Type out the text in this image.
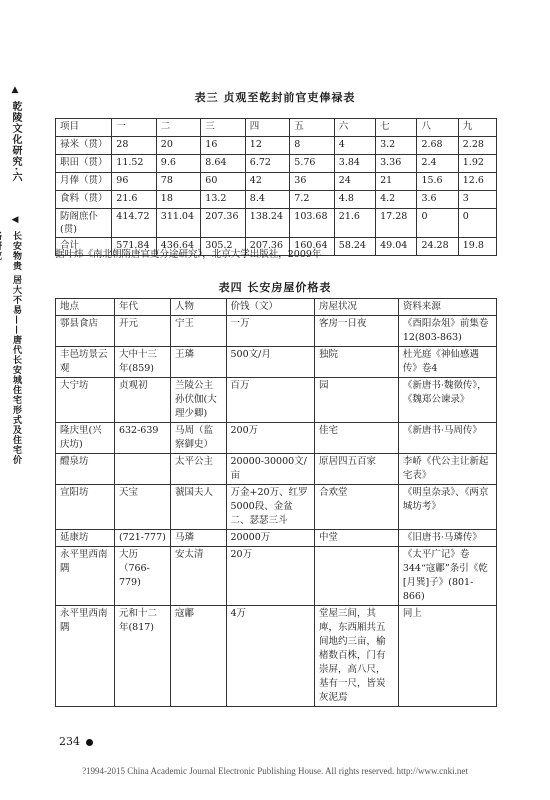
▲
乾陵文化研究·六
◀
长安物贵 居大不易——唐代长安城住宅形式及住宅价
表三 贞观至乾封前官吏俸禄表
项目	一	二	三	四	五	六	七	八	九
禄米（贯）	28	20	16	12	8	4	3.2	2.68	2.28
职田（贯）	11.52	9.6	8.64	6.72	5.76	3.84	3.36	2.4	1.92
月俸（贯）	96	78	60	42	36	24	21	15.6	12.6
食料（贯）	21.6	18	13.2	8.4	7.2	4.8	4.2	3.6	3
防阁庶仆(贯)	414.72	311.04	207.36	138.24	103.68	21.6	17.28	0	0
合计	571.84	436.64	305.2	207.36	160.64	58.24	49.04	24.28	19.8
据叶炜《南北朝隋唐官吏分途研究》，北京大学出版社，2009年
表四 长安房屋价格表
地点	年代	人物	价钱（文）	房屋状况	资料来源
鄠县食店	开元	宁王	一万	客房一日夜	《酉阳杂俎》前集卷12(803-863)
丰邑坊景云观	大中十三年(859)	王璘	500文/月	独院	杜光庭《神仙感遇传》卷4
大宁坊	贞观初	兰陵公主孙伏伽(大理少卿)	百万	园	《新唐书·魏徵传》，《魏郑公谏录》
隆庆里(兴庆坊)	632-639	马周（监察御史）	200万	佳宅	《新唐书·马周传》
醴泉坊		太平公主	20000-30000文/亩	原居四五百家	李峤《代公主让新起宅表》
宣阳坊	天宝	虢国夫人	万金+20万、红罗5000段、金盆二、瑟瑟三斗	合欢堂	《明皇杂录》、《两京城坊考》
延康坊	(721-777)	马璘	20000万	中堂	《旧唐书·马璘传》
永平里西南隅	大历（766-779)	安太清	20万		《太平广记》卷344“寇鄘”条引《乾[月巽]子》(801-866)
永平里西南隅	元和十二年(817)	寇鄘	4万	堂屋三间，其庳，东西厢共五间地约三亩，榆楮数百株，门有崇屏，高八尺，基有一尺，皆炭灰泥焉	同上
234
?1994-2015 China Academic Journal Electronic Publishing House. All rights reserved. http://www.cnki.net
